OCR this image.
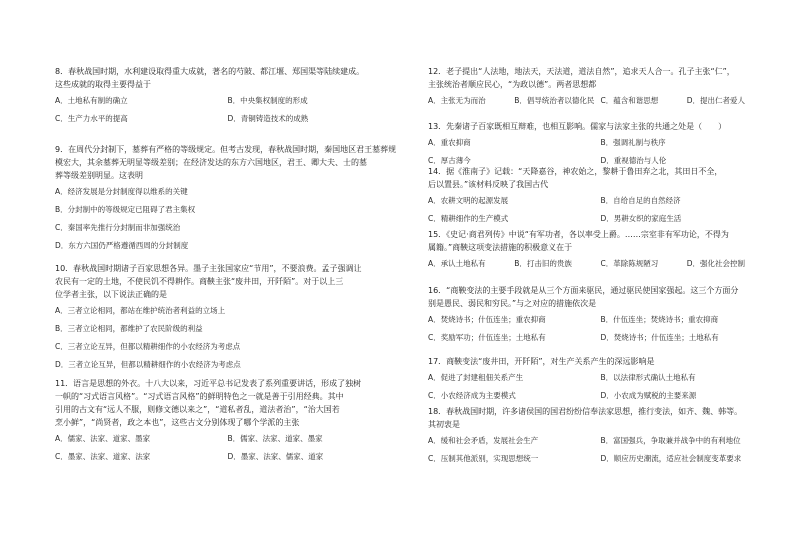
8．春秋战国时期，水利建设取得重大成就，著名的芍陂、都江堰、郑国渠等陆续建成。
这些成就的取得主要得益于
A．土地私有制的确立	B．中央集权制度的形成
C．生产力水平的提高	D．青铜铸造技术的成熟
9．在周代分封制下，墓葬有严格的等级规定。但考古发现，春秋战国时期，秦国地区君王墓葬规
模宏大，其余墓葬无明显等级差别；在经济发达的东方六国地区，君王、卿大夫、士的墓
葬等级差别明显。这表明
A．经济发展是分封制度得以维系的关键
B．分封制中的等级规定已阻碍了君主集权
C．秦国率先推行分封制而非加强统治
D．东方六国仍严格遵循西周的分封制度
10．春秋战国时期诸子百家思想各异。墨子主张国家应“节用”，不要浪费。孟子强调让
农民有一定的土地，不使民饥不得耕作。商鞅主张“废井田，开阡陌”。对于以上三
位学者主张，以下说法正确的是
A．三者立论相同，都站在维护统治者利益的立场上
B．三者立论相同，都维护了农民阶级的利益
C．三者立论互异，但都以精耕细作的小农经济为考虑点
D．三者立论互异，但都以精耕细作的小农经济为考虑点
11．语言是思想的外衣。十八大以来，习近平总书记发表了系列重要讲话，形成了独树
一帜的“习式语言风格”。“习式语言风格”的鲜明特色之一就是善于引用经典。其中
引用的古文有“远人不服，则修文德以来之”，“道私者乱，道法者治”，“治大国若
烹小鲜”，“尚贤者，政之本也”，这些古文分别体现了哪个学派的主张
A．儒家、法家、道家、墨家	B．儒家、法家、道家、墨家
C．墨家、法家、道家、法家	D．墨家、法家、儒家、道家
12．老子提出“人法地，地法天，天法道，道法自然”，追求天人合一。孔子主张“仁”，
主张统治者顺应民心，“为政以德”。两者思想都
A．主张无为而治	B．倡导统治者以德化民 C．蕴含和谐思想	D．提出仁者爱人
13．先秦诸子百家既相互辩难，也相互影响。儒家与法家主张的共通之处是（　　）
A．重农抑商	B．强调礼制与秩序
C．厚古薄今	D．重视德治与人伦
14．据《淮南子》记载：“天降嘉谷，神农始之，黎耕于鲁田弃之北，其田日不全，
后以置县。”该材料反映了我国古代
A．农耕文明的起源发展	B．自给自足的自然经济
C．精耕细作的生产模式	D．男耕女织的家庭生活
15．《史记·商君列传》中说“有军功者，各以率受上爵。……宗室非有军功论，不得为
属籍。”商鞅这项变法措施的积极意义在于
A．承认土地私有	B．打击旧的贵族	C．革除陈规陋习	D．强化社会控制
16．“商鞅变法的主要手段就是从三个方面来驱民，通过驱民使国家强起。这三个方面分
别是愚民、弱民和穷民。”与之对应的措施依次是
A．焚烧诗书；什伍连坐；重农抑商	B．什伍连坐；焚烧诗书；重农抑商
C．奖励军功；什伍连坐；土地私有	D．焚烧诗书；什伍连坐；土地私有
17．商鞅变法“废井田，开阡陌”，对生产关系产生的深远影响是
A．促进了封建租佃关系产生	B．以法律形式确认土地私有
C．小农经济成为主要模式	D．小农成为赋税的主要来源
18．春秋战国时期，许多诸侯国的国君纷纷信奉法家思想，推行变法，如齐、魏、韩等。
其初衷是
A．缓和社会矛盾，发展社会生产	B．富国强兵，争取兼并战争中的有利地位
C．压制其他派别，实现思想统一	D．顺应历史潮流，适应社会制度变革要求
